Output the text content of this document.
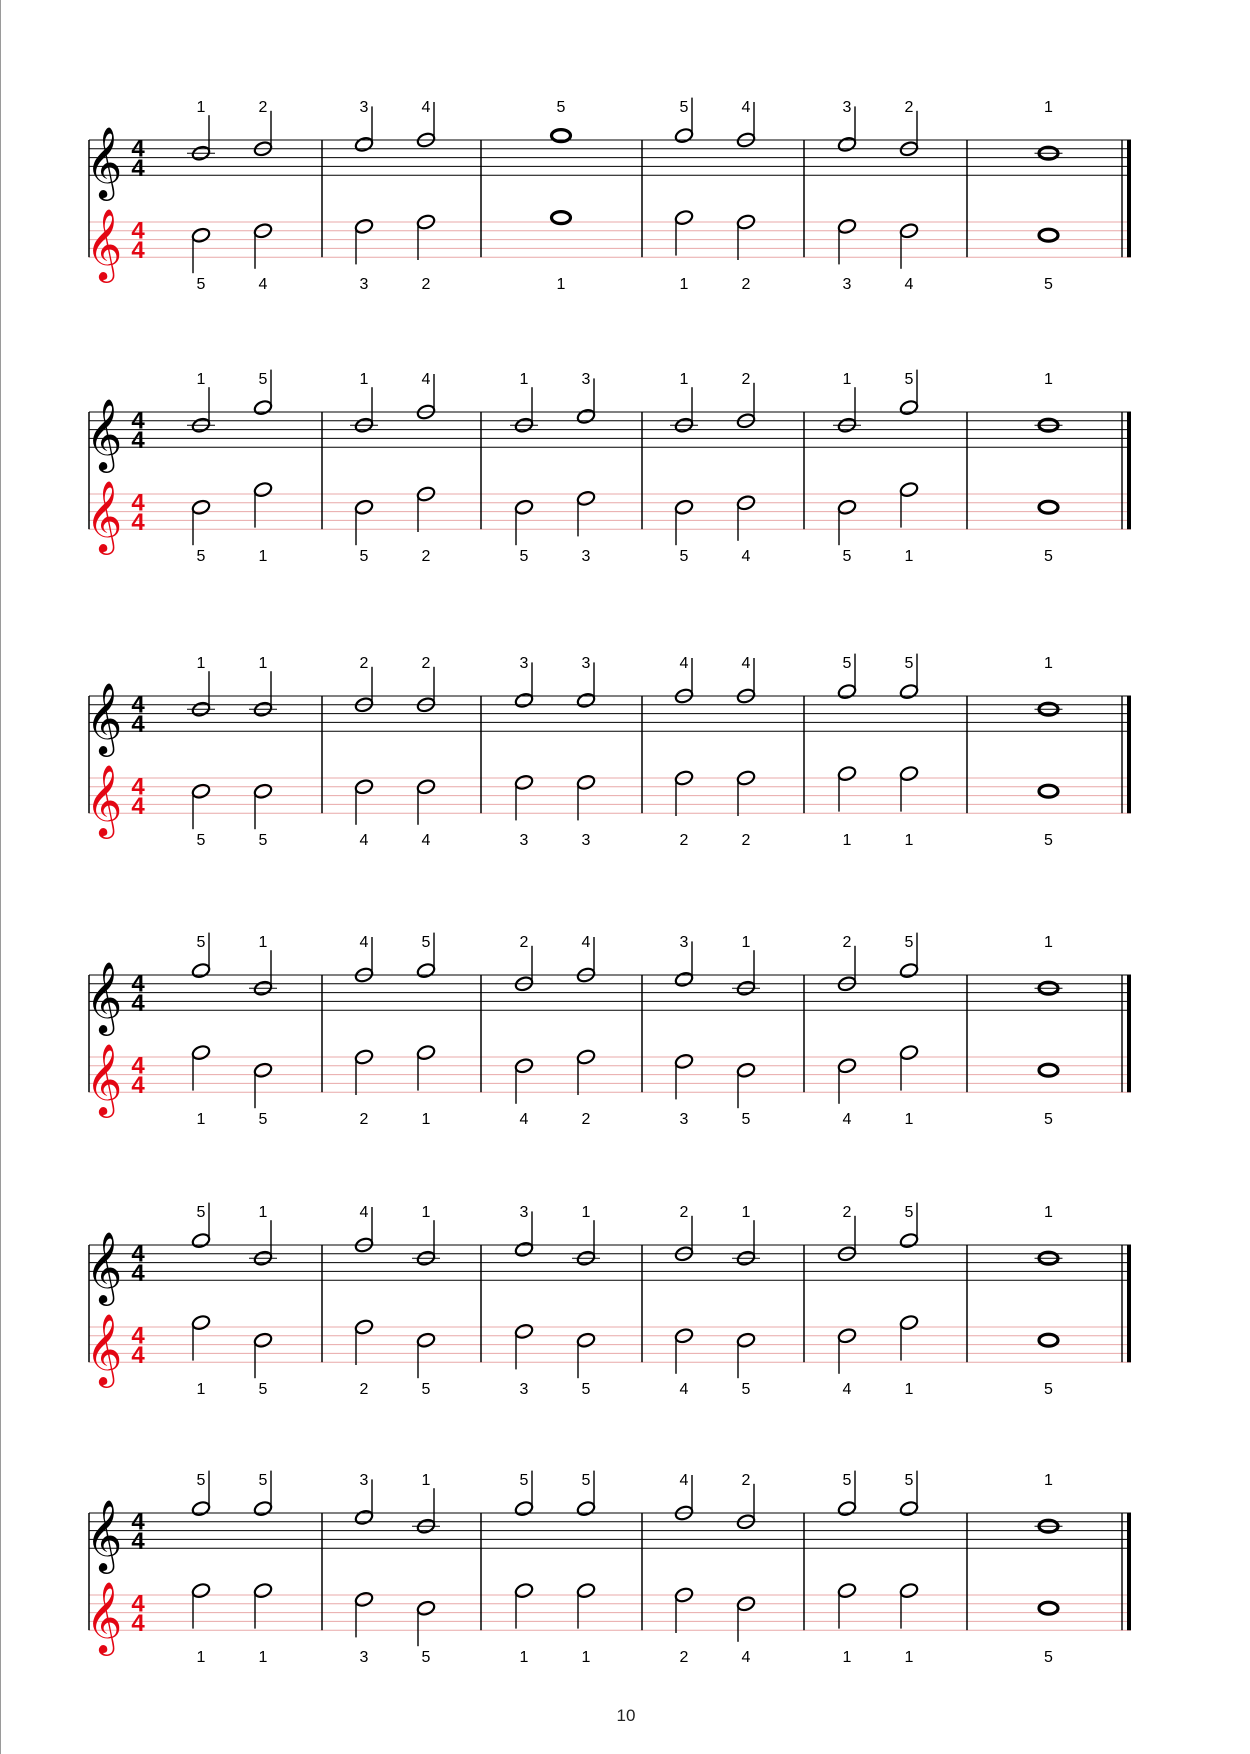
𝄞 4
4
𝄞 4
4
1	2
5	4
3	4
3	2
5
1
5	4
1	2
3	2
3	4
1
5
𝄞 4
4
𝄞 4
4
1	5
5	1
1	4
5	2
1	3
5	3
1	2
5	4
1	5
5	1
1
5
𝄞 4
4
𝄞 4
4
1	1
5	5
2	2
4	4
3	3
3	3
4	4
2	2
5	5
1	1
1
5
𝄞 4
4
𝄞 4
4
5	1
1	5
4	5
2	1
2	4
4	2
3	1
3	5
2	5
4	1
1
5
𝄞 4
4
𝄞 4
4
5	1
1	5
4	1
2	5
3	1
3	5
2	1
4	5
2	5
4	1
1
5
𝄞 4
4
𝄞 4
4
5	5
1	1
3	1
3	5
5	5
1	1
4	2
2	4
5	5
1	1
1
5
10
